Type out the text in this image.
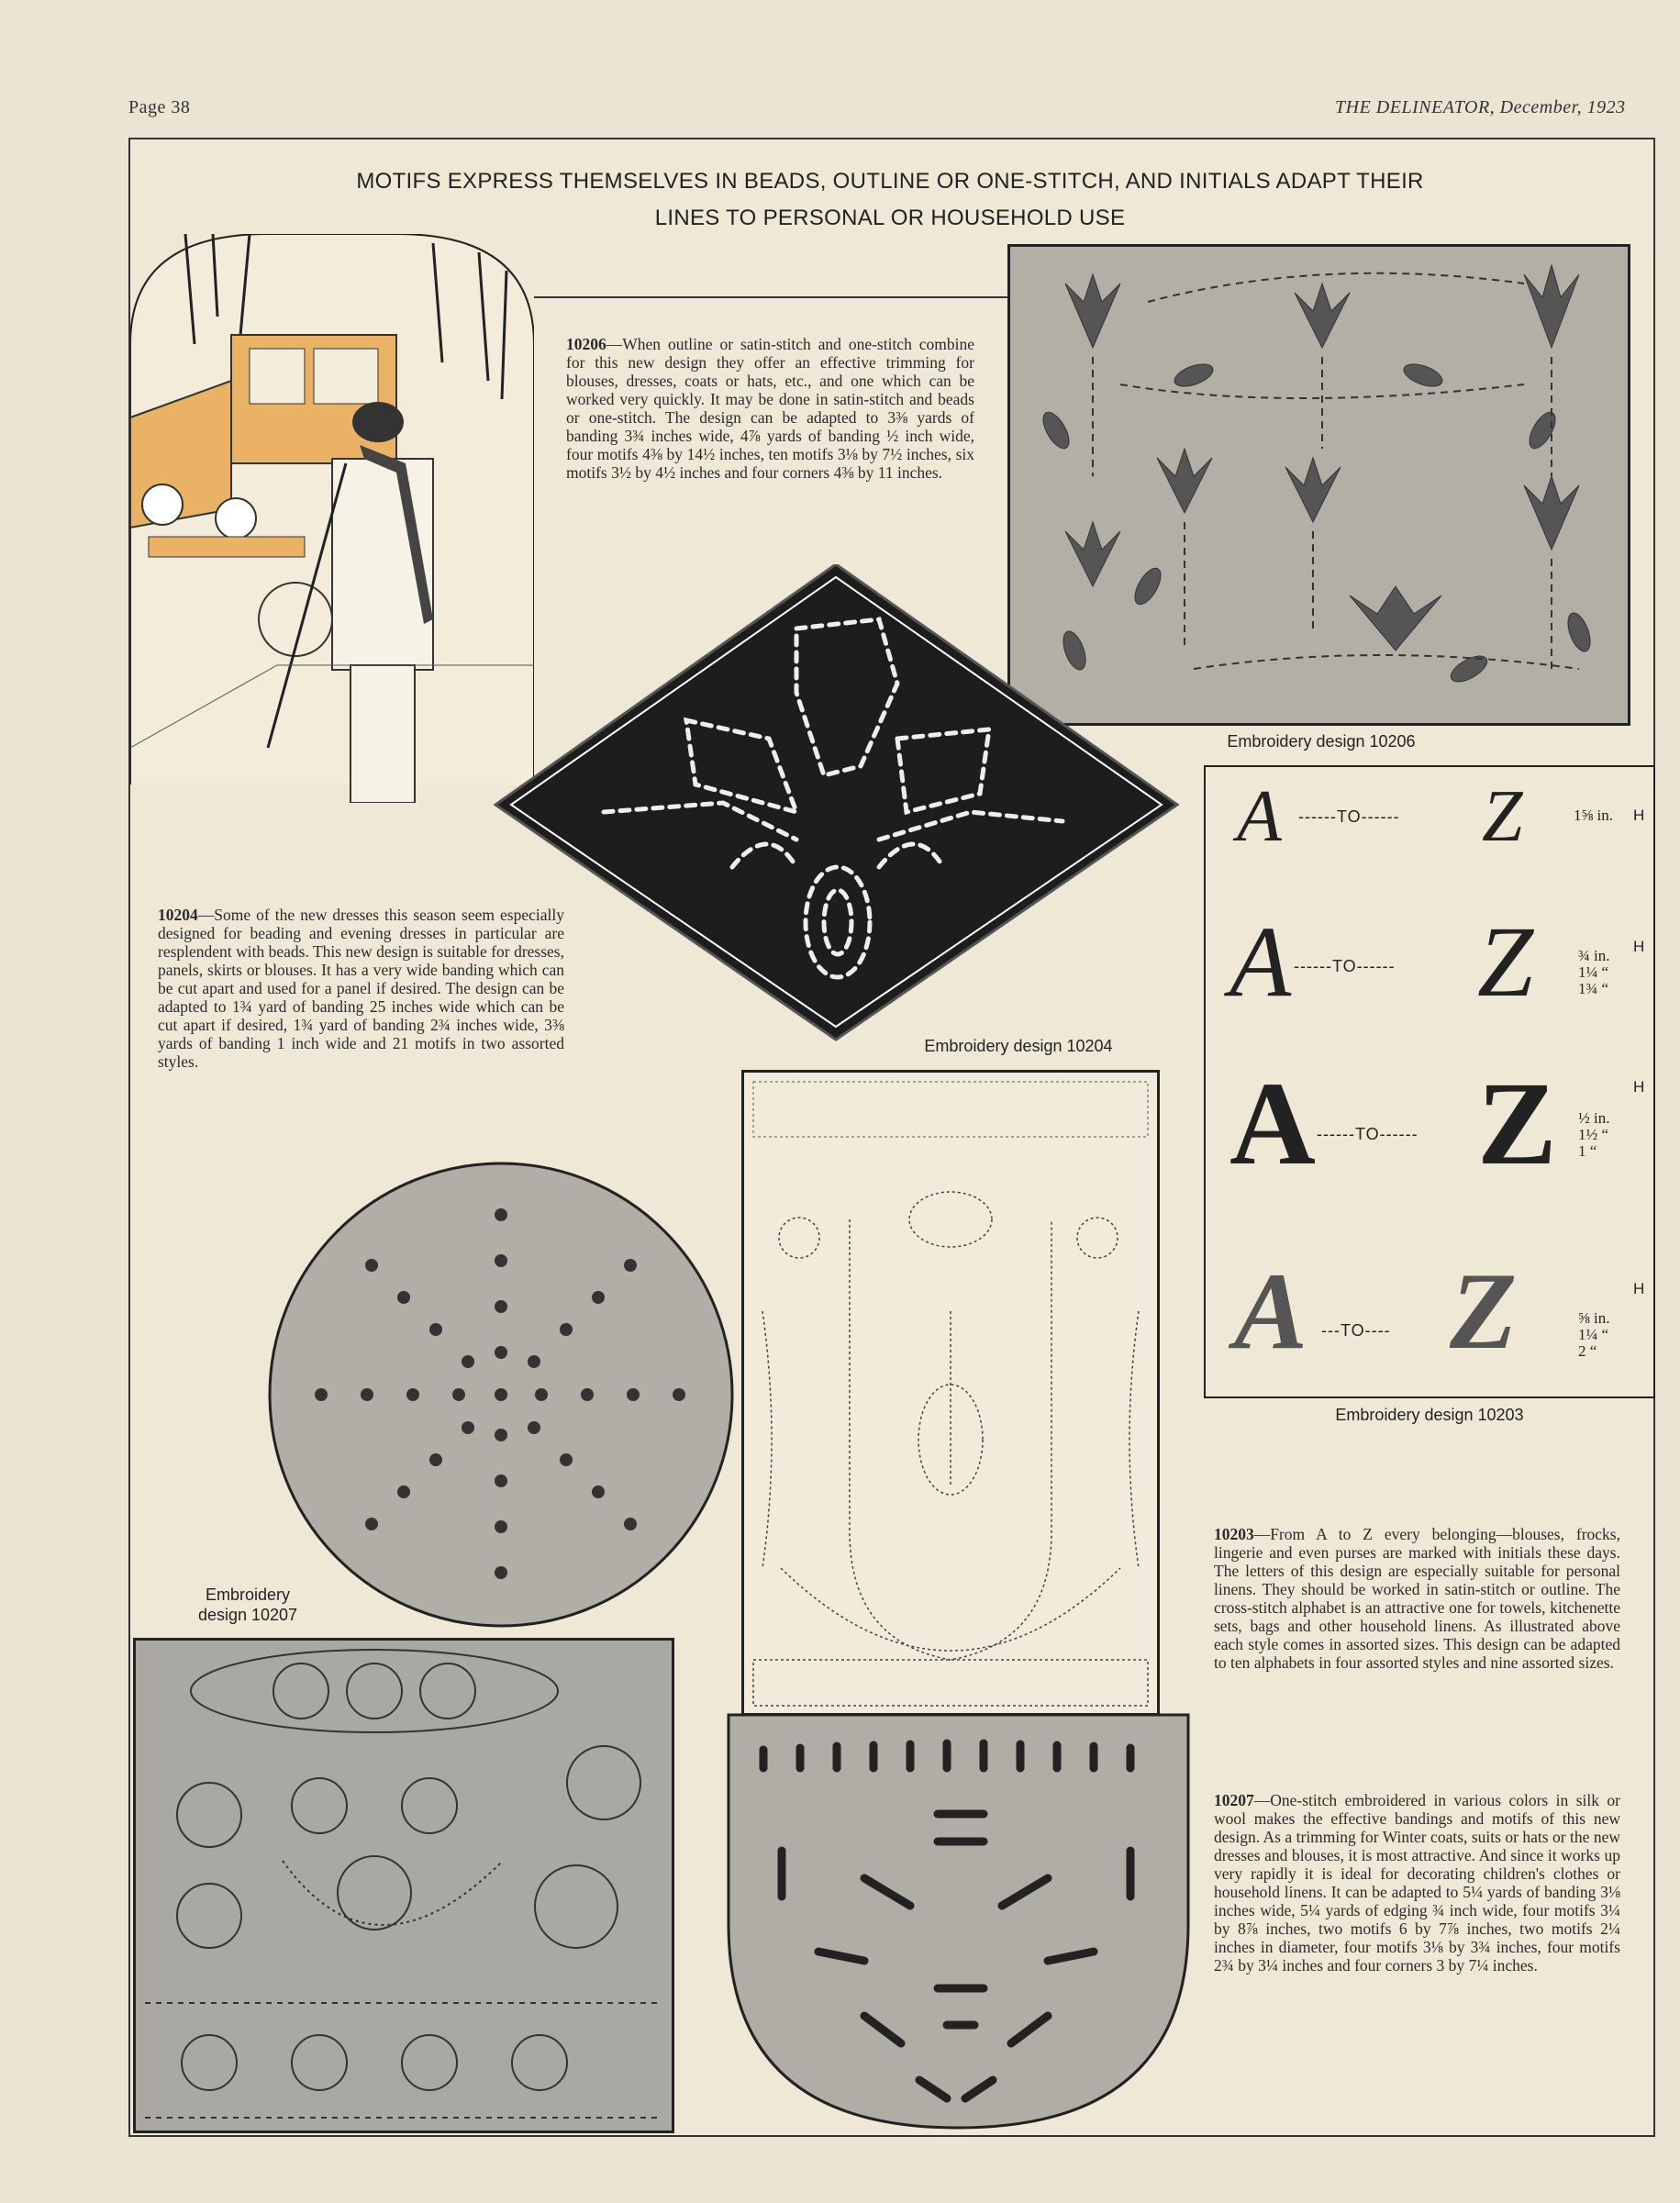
Page 38	THE DELINEATOR, December, 1923
MOTIFS EXPRESS THEMSELVES IN BEADS, OUTLINE OR ONE-STITCH, AND INITIALS ADAPT THEIR
LINES TO PERSONAL OR HOUSEHOLD USE
10206—When outline or satin-stitch and one-stitch combine for this new design they offer an effective trimming for blouses, dresses, coats or hats, etc., and one which can be worked very quickly. It may be done in satin-stitch and beads or one-stitch. The design can be adapted to 3⅜ yards of banding 3¾ inches wide, 4⅞ yards of banding ½ inch wide, four motifs 4⅜ by 14½ inches, ten motifs 3⅛ by 7½ inches, six motifs 3½ by 4½ inches and four corners 4⅜ by 11 inches.
Embroidery design 10206
Embroidery design 10204
10204—Some of the new dresses this season seem especially designed for beading and evening dresses in particular are resplendent with beads. This new design is suitable for dresses, panels, skirts or blouses. It has a very wide banding which can be cut apart and used for a panel if desired. The design can be adapted to 1¾ yard of banding 25 inches wide which can be cut apart if desired, 1¾ yard of banding 2¾ inches wide, 3⅜ yards of banding 1 inch wide and 21 motifs in two assorted styles.
A ------TO------ Z	1⅝ in. H
A ------TO------ Z	¾ in.
1¼ “
1¾ “
H
A ------TO------ Z ½ in.
1½ “
1 “
H
A ---TO---- Z	⅝ in.
1¼ “
2 “
H
Embroidery design 10203
Embroidery
design 10207
10203—From A to Z every belonging—blouses, frocks, lingerie and even purses are marked with initials these days. The letters of this design are especially suitable for personal linens. They should be worked in satin-stitch or outline. The cross-stitch alphabet is an attractive one for towels, kitchenette sets, bags and other household linens. As illustrated above each style comes in assorted sizes. This design can be adapted to ten alphabets in four assorted styles and nine assorted sizes.
10207—One-stitch embroidered in various colors in silk or wool makes the effective bandings and motifs of this new design. As a trimming for Winter coats, suits or hats or the new dresses and blouses, it is most attractive. And since it works up very rapidly it is ideal for decorating children's clothes or household linens. It can be adapted to 5¼ yards of banding 3⅛ inches wide, 5¼ yards of edging ¾ inch wide, four motifs 3¼ by 8⅞ inches, two motifs 6 by 7⅞ inches, two motifs 2¼ inches in diameter, four motifs 3⅛ by 3¾ inches, four motifs 2¾ by 3¼ inches and four corners 3 by 7¼ inches.
